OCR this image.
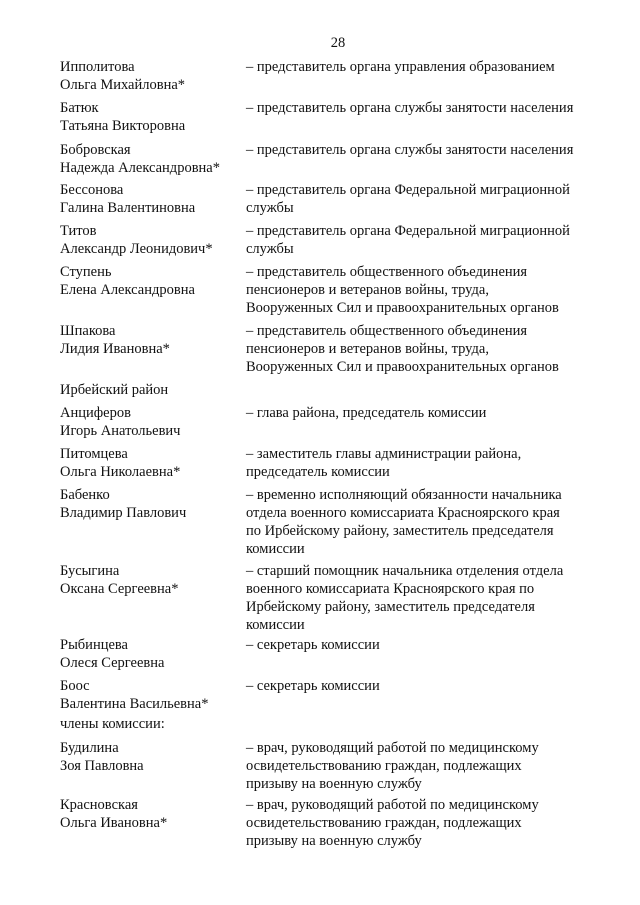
28
Ипполитова
Ольга Михайловна*
– представитель органа управления образованием
Батюк
Татьяна Викторовна
– представитель органа службы занятости населения
Бобровская
Надежда Александровна*
– представитель органа службы занятости населения
Бессонова
Галина Валентиновна
– представитель органа Федеральной миграционной
службы
Титов
Александр Леонидович*
– представитель органа Федеральной миграционной
службы
Ступень
Елена Александровна
– представитель общественного объединения
пенсионеров и ветеранов войны, труда,
Вооруженных Сил и правоохранительных органов
Шпакова
Лидия Ивановна*
– представитель общественного объединения
пенсионеров и ветеранов войны, труда,
Вооруженных Сил и правоохранительных органов
Ирбейский район
Анциферов
Игорь Анатольевич
– глава района, председатель комиссии
Питомцева
Ольга Николаевна*
– заместитель главы администрации района,
председатель комиссии
Бабенко
Владимир Павлович
– временно исполняющий обязанности начальника
отдела военного комиссариата Красноярского края
по Ирбейскому району, заместитель председателя
комиссии
Бусыгина
Оксана Сергеевна*
– старший помощник начальника отделения отдела
военного комиссариата Красноярского края по
Ирбейскому району, заместитель председателя
комиссии
Рыбинцева
Олеся Сергеевна
– секретарь комиссии
Боос
Валентина Васильевна*
– секретарь комиссии
члены комиссии:
Будилина
Зоя Павловна
– врач, руководящий работой по медицинскому
освидетельствованию граждан, подлежащих
призыву на военную службу
Красновская
Ольга Ивановна*
– врач, руководящий работой по медицинскому
освидетельствованию граждан, подлежащих
призыву на военную службу
